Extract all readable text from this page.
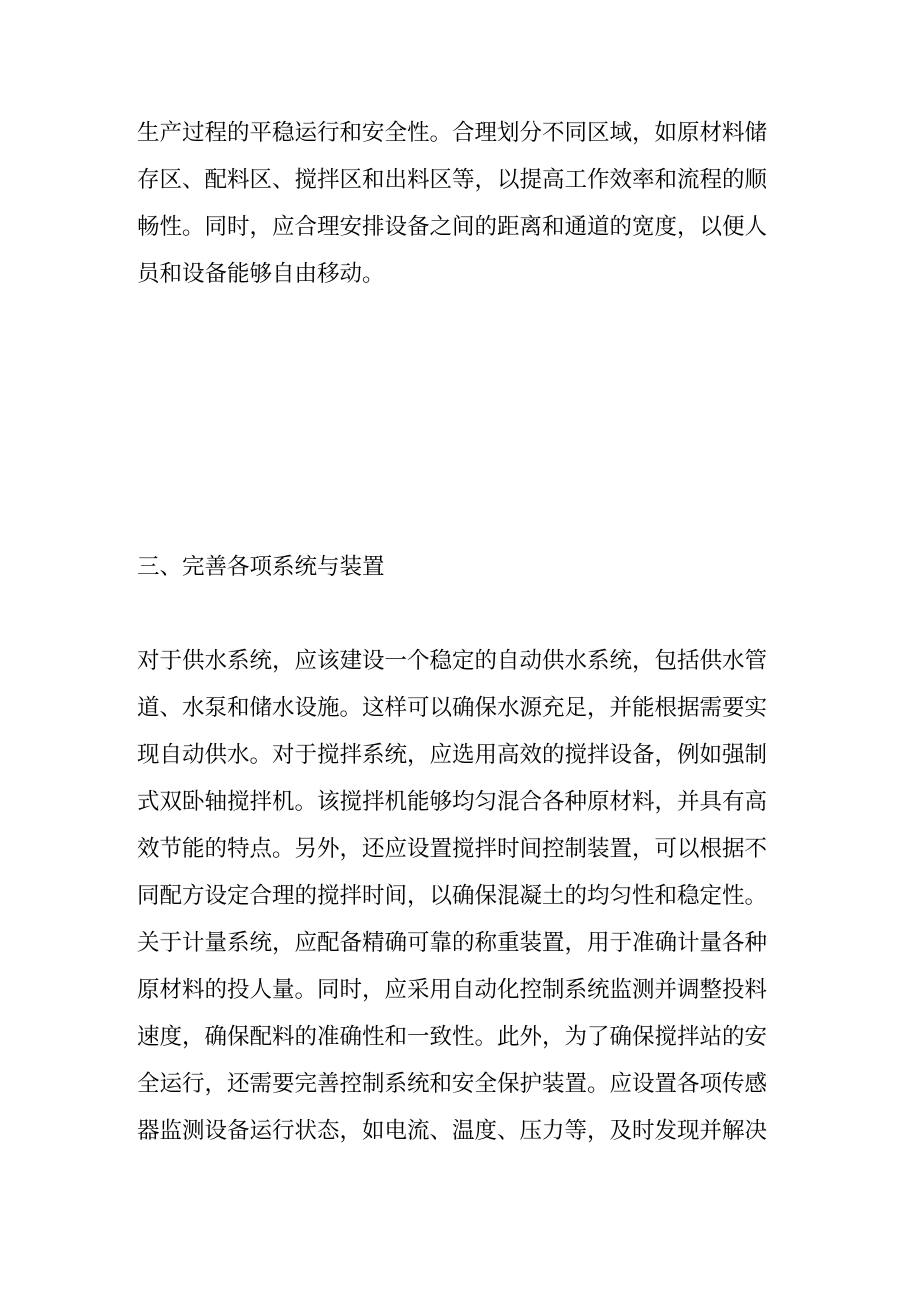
生产过程的平稳运行和安全性。合理划分不同区域，如原材料储
存区、配料区、搅拌区和出料区等，以提高工作效率和流程的顺
畅性。同时，应合理安排设备之间的距离和通道的宽度，以便人
员和设备能够自由移动。
三、完善各项系统与装置
对于供水系统，应该建设一个稳定的自动供水系统，包括供水管
道、水泵和储水设施。这样可以确保水源充足，并能根据需要实
现自动供水。对于搅拌系统，应选用高效的搅拌设备，例如强制
式双卧轴搅拌机。该搅拌机能够均匀混合各种原材料，并具有高
效节能的特点。另外，还应设置搅拌时间控制装置，可以根据不
同配方设定合理的搅拌时间，以确保混凝土的均匀性和稳定性。
关于计量系统，应配备精确可靠的称重装置，用于准确计量各种
原材料的投人量。同时，应采用自动化控制系统监测并调整投料
速度，确保配料的准确性和一致性。此外，为了确保搅拌站的安
全运行，还需要完善控制系统和安全保护装置。应设置各项传感
器监测设备运行状态，如电流、温度、压力等，及时发现并解决
